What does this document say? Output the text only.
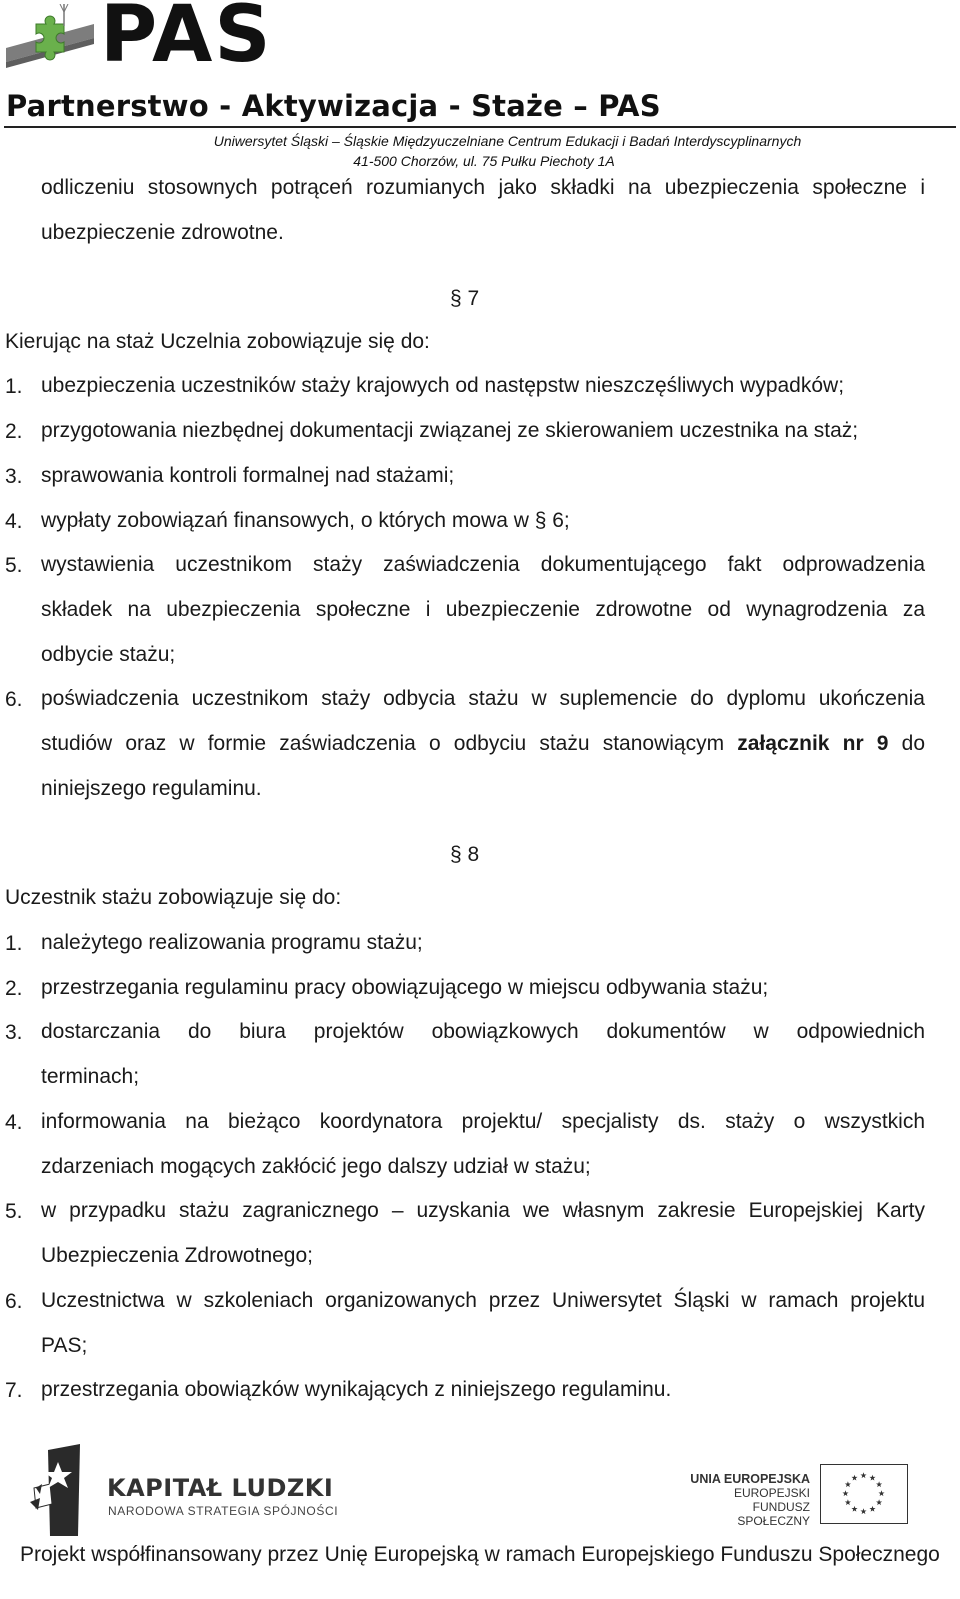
PAS
Partnerstwo - Aktywizacja - Staże – PAS
Uniwersytet Śląski – Śląskie Międzyuczelniane Centrum Edukacji i Badań Interdyscyplinarnych
41-500 Chorzów, ul. 75 Pułku Piechoty 1A
odliczeniu stosownych potrąceń rozumianych jako składki na ubezpieczenia społeczne i
ubezpieczenie zdrowotne.
§ 7
Kierując na staż Uczelnia zobowiązuje się do:
1. ubezpieczenia uczestników staży krajowych od następstw nieszczęśliwych wypadków;
2. przygotowania niezbędnej dokumentacji związanej ze skierowaniem uczestnika na staż;
3. sprawowania kontroli formalnej nad stażami;
4. wypłaty zobowiązań finansowych, o których mowa w § 6;
5. wystawienia uczestnikom staży zaświadczenia dokumentującego fakt odprowadzenia
składek na ubezpieczenia społeczne i ubezpieczenie zdrowotne od wynagrodzenia za
odbycie stażu;
6. poświadczenia uczestnikom staży odbycia stażu w suplemencie do dyplomu ukończenia
studiów oraz w formie zaświadczenia o odbyciu stażu stanowiącym załącznik nr 9 do
niniejszego regulaminu.
§ 8
Uczestnik stażu zobowiązuje się do:
1. należytego realizowania programu stażu;
2. przestrzegania regulaminu pracy obowiązującego w miejscu odbywania stażu;
3. dostarczania do biura projektów obowiązkowych dokumentów w odpowiednich
terminach;
4. informowania na bieżąco koordynatora projektu/ specjalisty ds. staży o wszystkich
zdarzeniach mogących zakłócić jego dalszy udział w stażu;
5. w przypadku stażu zagranicznego – uzyskania we własnym zakresie Europejskiej Karty
Ubezpieczenia Zdrowotnego;
6. Uczestnictwa w szkoleniach organizowanych przez Uniwersytet Śląski w ramach projektu
PAS;
7. przestrzegania obowiązków wynikających z niniejszego regulaminu.
KAPITAŁ LUDZKI
NARODOWA STRATEGIA SPÓJNOŚCI
UNIA EUROPEJSKA
EUROPEJSKI
FUNDUSZ SPOŁECZNY
Projekt współfinansowany przez Unię Europejską w ramach Europejskiego Funduszu Społecznego
